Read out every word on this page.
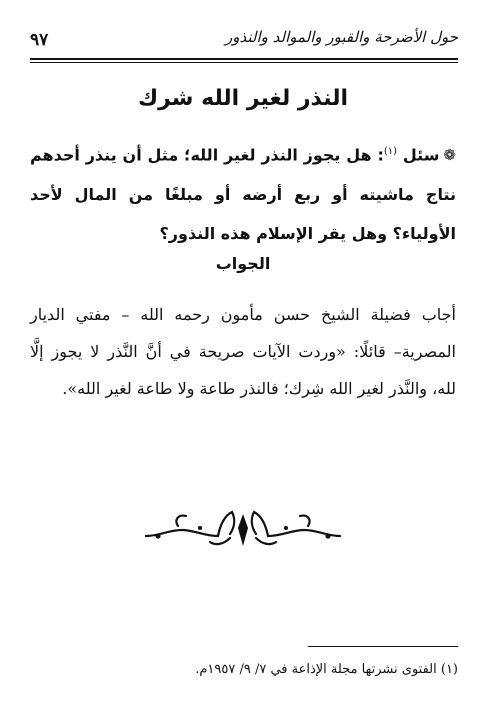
حول الأضرحة والقبور والموالد والنذور
٩٧
النذر لغير الله شرك
❁سئل $^{(١)}$: هل يجوز النذر لغير الله؛ مثل أن ينذر أحدهم نتاج ماشيته أو ربع أرضه أو مبلغًا من المال لأحد الأولياء؟ وهل يقر الإسلام هذه النذور؟
الجواب
أجاب فضيلة الشيخ حسن مأمون رحمه الله – مفتي الديار المصرية– قائلًا: «وردت الآيات صريحة في أنَّ النَّذر لا يجوز إلَّا لله، والنَّذر لغير الله شِرك؛ فالنذر طاعة ولا طاعة لغير الله».
(١) الفتوى نشرتها مجلة الإذاعة في ٧/ ٩/ ١٩٥٧م.
